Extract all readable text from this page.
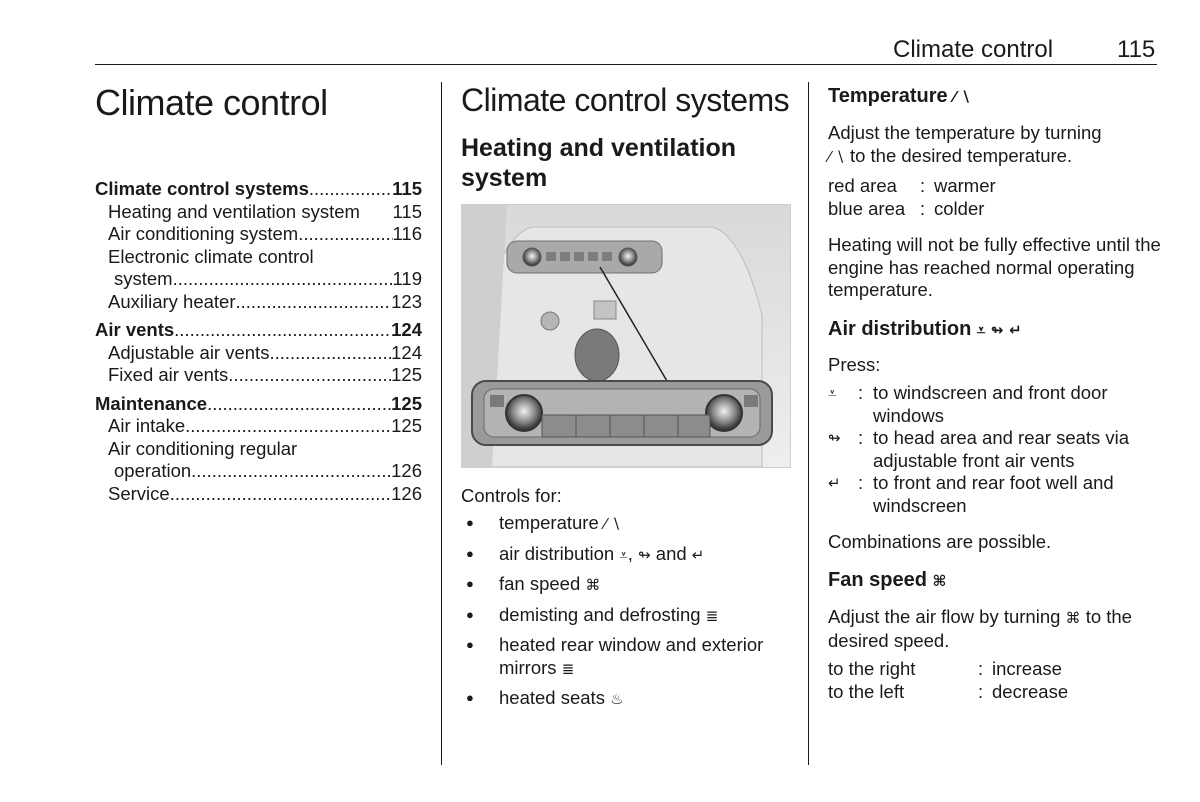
Climate control	115
Climate control
Climate control systems .....	115
Heating and ventilation system 115
Air conditioning system .....	116
Electronic climate control
system .....	119
Auxiliary heater .....	123
Air vents .....	124
Adjustable air vents .....	124
Fixed air vents .....	125
Maintenance .....	125
Air intake .....	125
Air conditioning regular
operation .....	126
Service .....	126
Climate control systems
Heating and ventilation
system
Controls for:
● temperature ⁄ ∖
● air distribution ⩡, ↬ and ↵
● fan speed ⌘
● demisting and defrosting ≣
● heated rear window and exterior mirrors ≣
● heated seats ♨
Temperature ⁄ ∖
Adjust the temperature by turning
⁄ ∖ to the desired temperature.
red area	: warmer
blue area : colder
Heating will not be fully effective until the engine has reached normal operating temperature.
Air distribution ⩡ ↬ ↵
Press:
⩡	: to windscreen and front door windows
↬ : to head area and rear seats via adjustable front air vents
↵ : to front and rear foot well and windscreen
Combinations are possible.
Fan speed ⌘
Adjust the air flow by turning ⌘ to the desired speed.
to the right	: increase
to the left	: decrease
